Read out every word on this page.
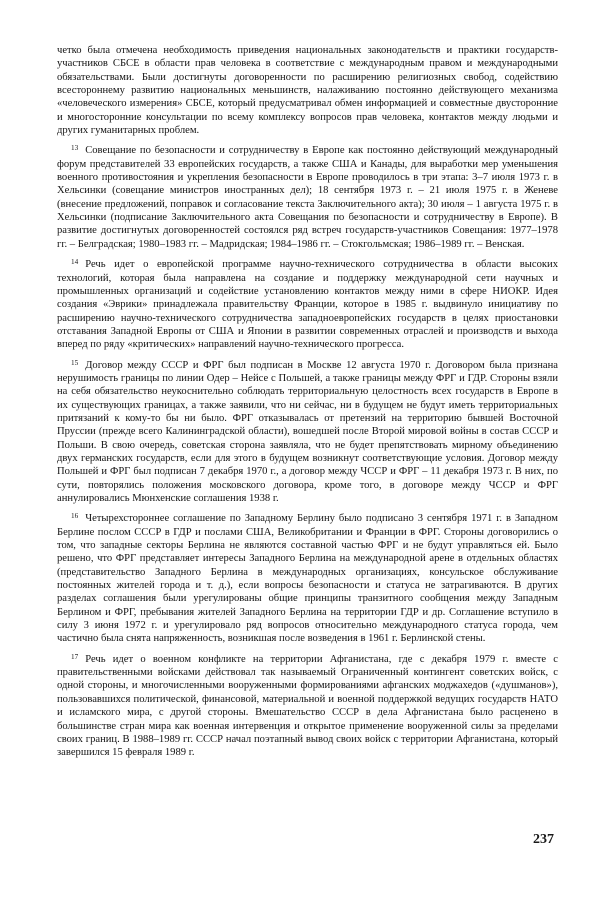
четко была отмечена необходимость приведения национальных законодательств и практики государств-участников СБСЕ в области прав человека в соответствие с международным правом и международными обязательствами. Были достигнуты договоренности по расширению религиозных свобод, содействию всестороннему развитию национальных меньшинств, налаживанию постоянно действующего механизма «человеческого измерения» СБСЕ, который предусматривал обмен информацией и совместные двусторонние и многосторонние консультации по всему комплексу вопросов прав человека, контактов между людьми и других гуманитарных проблем.

$^{13}$ Совещание по безопасности и сотрудничеству в Европе как постоянно действующий международный форум представителей 33 европейских государств, а также США и Канады, для выработки мер уменьшения военного противостояния и укрепления безопасности в Европе проводилось в три этапа: 3–7 июля 1973 г. в Хельсинки (совещание министров иностранных дел); 18 сентября 1973 г. – 21 июля 1975 г. в Женеве (внесение предложений, поправок и согласование текста Заключительного акта); 30 июля – 1 августа 1975 г. в Хельсинки (подписание Заключительного акта Совещания по безопасности и сотрудничеству в Европе). В развитие достигнутых договоренностей состоялся ряд встреч государств-участников Совещания: 1977–1978 гг. – Белградская; 1980–1983 гг. – Мадридская; 1984–1986 гг. – Стокгольмская; 1986–1989 гг. – Венская.

$^{14}$ Речь идет о европейской программе научно-технического сотрудничества в области высоких технологий, которая была направлена на создание и поддержку международной сети научных и промышленных организаций и содействие установлению контактов между ними в сфере НИОКР. Идея создания «Эврики» принадлежала правительству Франции, которое в 1985 г. выдвинуло инициативу по расширению научно-технического сотрудничества западноевропейских государств в целях приостановки отставания Западной Европы от США и Японии в развитии современных отраслей и производств и выхода вперед по ряду «критических» направлений научно-технического прогресса.

$^{15}$ Договор между СССР и ФРГ был подписан в Москве 12 августа 1970 г. Договором была признана нерушимость границы по линии Одер – Нейсе с Польшей, а также границы между ФРГ и ГДР. Стороны взяли на себя обязательство неукоснительно соблюдать территориальную целостность всех государств в Европе в их существующих границах, а также заявили, что ни сейчас, ни в будущем не будут иметь территориальных притязаний к кому-то бы ни было. ФРГ отказывалась от претензий на территорию бывшей Восточной Пруссии (прежде всего Калининградской области), вошедшей после Второй мировой войны в состав СССР и Польши. В свою очередь, советская сторона заявляла, что не будет препятствовать мирному объединению двух германских государств, если для этого в будущем возникнут соответствующие условия. Договор между Польшей и ФРГ был подписан 7 декабря 1970 г., а договор между ЧССР и ФРГ – 11 декабря 1973 г. В них, по сути, повторялись положения московского договора, кроме того, в договоре между ЧССР и ФРГ аннулировались Мюнхенские соглашения 1938 г.

$^{16}$ Четырехстороннее соглашение по Западному Берлину было подписано 3 сентября 1971 г. в Западном Берлине послом СССР в ГДР и послами США, Великобритании и Франции в ФРГ. Стороны договорились о том, что западные секторы Берлина не являются составной частью ФРГ и не будут управляться ей. Было решено, что ФРГ представляет интересы Западного Берлина на международной арене в отдельных областях (представительство Западного Берлина в международных организациях, консульское обслуживание постоянных жителей города и т. д.), если вопросы безопасности и статуса не затрагиваются. В других разделах соглашения были урегулированы общие принципы транзитного сообщения между Западным Берлином и ФРГ, пребывания жителей Западного Берлина на территории ГДР и др. Соглашение вступило в силу 3 июня 1972 г. и урегулировало ряд вопросов относительно международного статуса города, чем частично была снята напряженность, возникшая после возведения в 1961 г. Берлинской стены.

$^{17}$ Речь идет о военном конфликте на территории Афганистана, где с декабря 1979 г. вместе с правительственными войсками действовал так называемый Ограниченный контингент советских войск, с одной стороны, и многочисленными вооруженными формированиями афганских моджахедов («душманов»), пользовавшихся политической, финансовой, материальной и военной поддержкой ведущих государств НАТО и исламского мира, с другой стороны. Вмешательство СССР в дела Афганистана было расценено в большинстве стран мира как военная интервенция и открытое применение вооруженной силы за пределами своих границ. В 1988–1989 гг. СССР начал поэтапный вывод своих войск с территории Афганистана, который завершился 15 февраля 1989 г.

237
